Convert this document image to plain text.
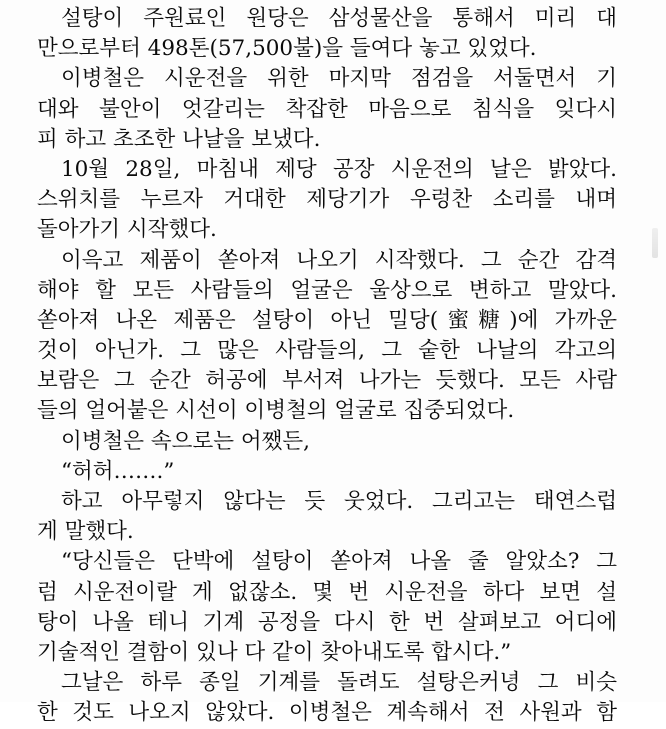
설탕이 주원료인 원당은 삼성물산을 통해서 미리 대
만으로부터 498톤(57,500불)을 들여다 놓고 있었다.
이병철은 시운전을 위한 마지막 점검을 서둘면서 기
대와 불안이 엇갈리는 착잡한 마음으로 침식을 잊다시
피 하고 초조한 나날을 보냈다.
10월 28일, 마침내 제당 공장 시운전의 날은 밝았다.
스위치를 누르자 거대한 제당기가 우렁찬 소리를 내며
돌아가기 시작했다.
이윽고 제품이 쏟아져 나오기 시작했다. 그 순간 감격
해야 할 모든 사람들의 얼굴은 울상으로 변하고 말았다.
쏟아져 나온 제품은 설탕이 아닌 밀당(蜜糖)에 가까운
것이 아닌가. 그 많은 사람들의, 그 숱한 나날의 각고의
보람은 그 순간 허공에 부서져 나가는 듯했다. 모든 사람
들의 얼어붙은 시선이 이병철의 얼굴로 집중되었다.
이병철은 속으로는 어쨌든,
“허허…….”
하고 아무렇지 않다는 듯 웃었다. 그리고는 태연스럽
게 말했다.
“당신들은 단박에 설탕이 쏟아져 나올 줄 알았소? 그
럼 시운전이랄 게 없잖소. 몇 번 시운전을 하다 보면 설
탕이 나올 테니 기계 공정을 다시 한 번 살펴보고 어디에
기술적인 결함이 있나 다 같이 찾아내도록 합시다.”
그날은 하루 종일 기계를 돌려도 설탕은커녕 그 비슷
한 것도 나오지 않았다. 이병철은 계속해서 전 사원과 함
